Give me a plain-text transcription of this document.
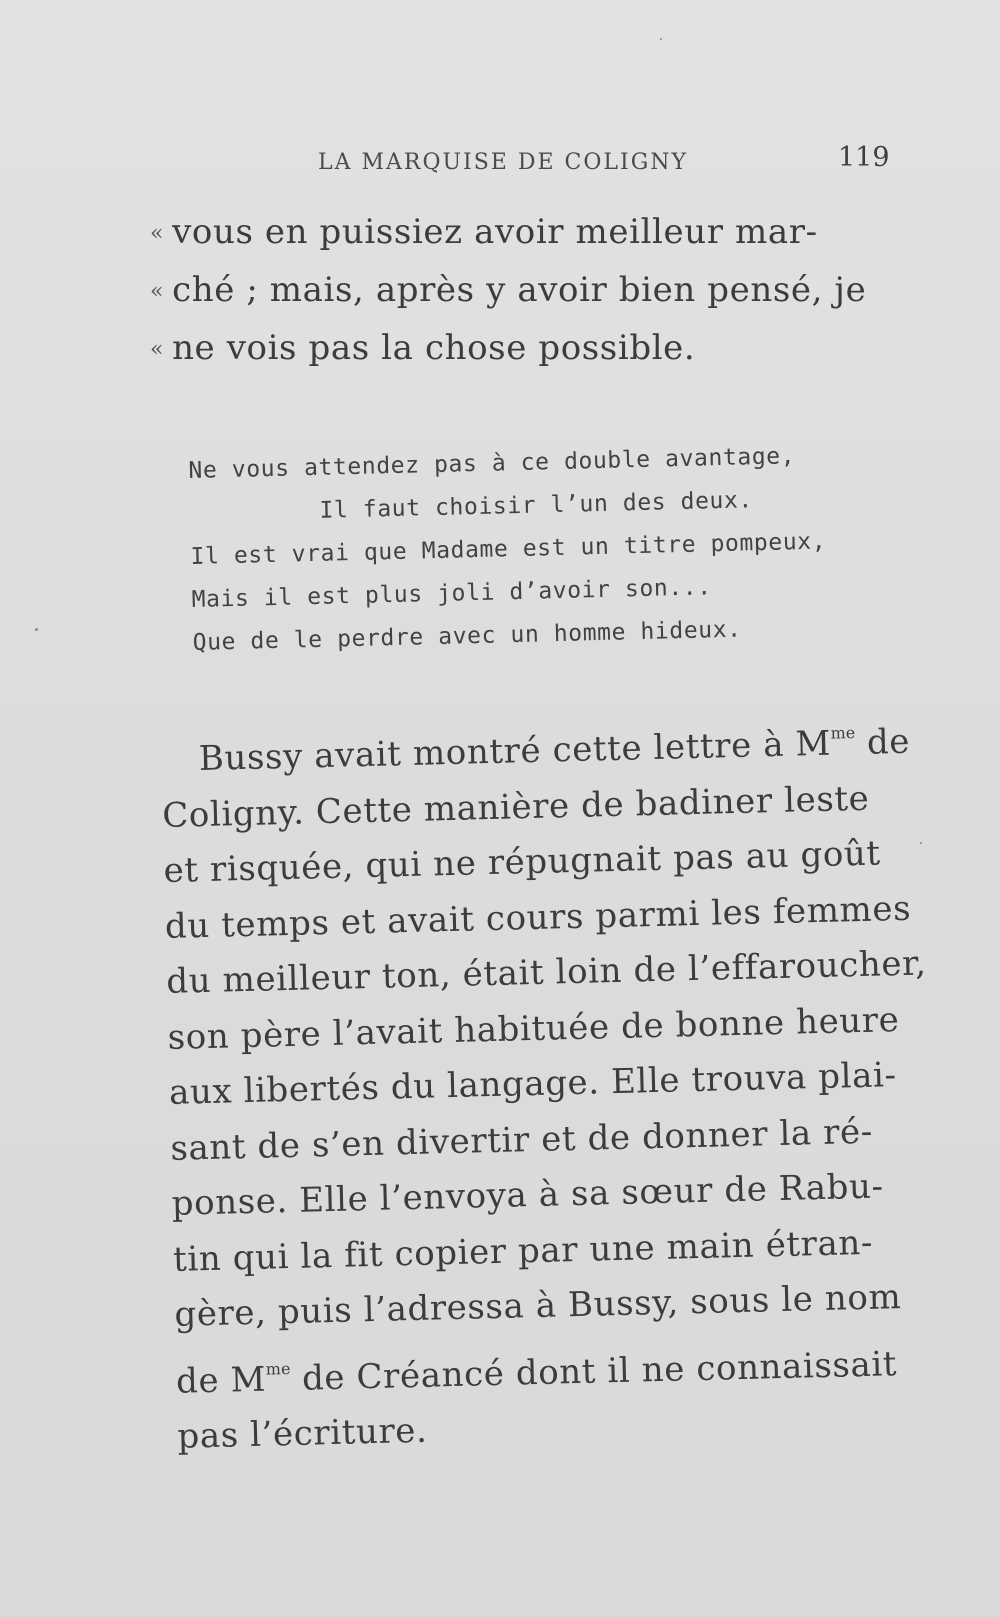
LA MARQUISE DE COLIGNY	119
« vous en puissiez avoir meilleur mar-
« ché ; mais, après y avoir bien pensé, je
« ne vois pas la chose possible.
Ne vous attendez pas à ce double avantage,
Il faut choisir l’un des deux.
Il est vrai que Madame est un titre pompeux,
Mais il est plus joli d’avoir son...
Que de le perdre avec un homme hideux.
Bussy avait montré cette lettre à $M^{me}$ de
Coligny. Cette manière de badiner leste
et risquée, qui ne répugnait pas au goût
du temps et avait cours parmi les femmes
du meilleur ton, était loin de l’effaroucher,
son père l’avait habituée de bonne heure
aux libertés du langage. Elle trouva plai-
sant de s’en divertir et de donner la ré-
ponse. Elle l’envoya à sa sœur de Rabu-
tin qui la fit copier par une main étran-
gère, puis l’adressa à Bussy, sous le nom
de $M^{me}$ de Créancé dont il ne connaissait
pas l’écriture.
